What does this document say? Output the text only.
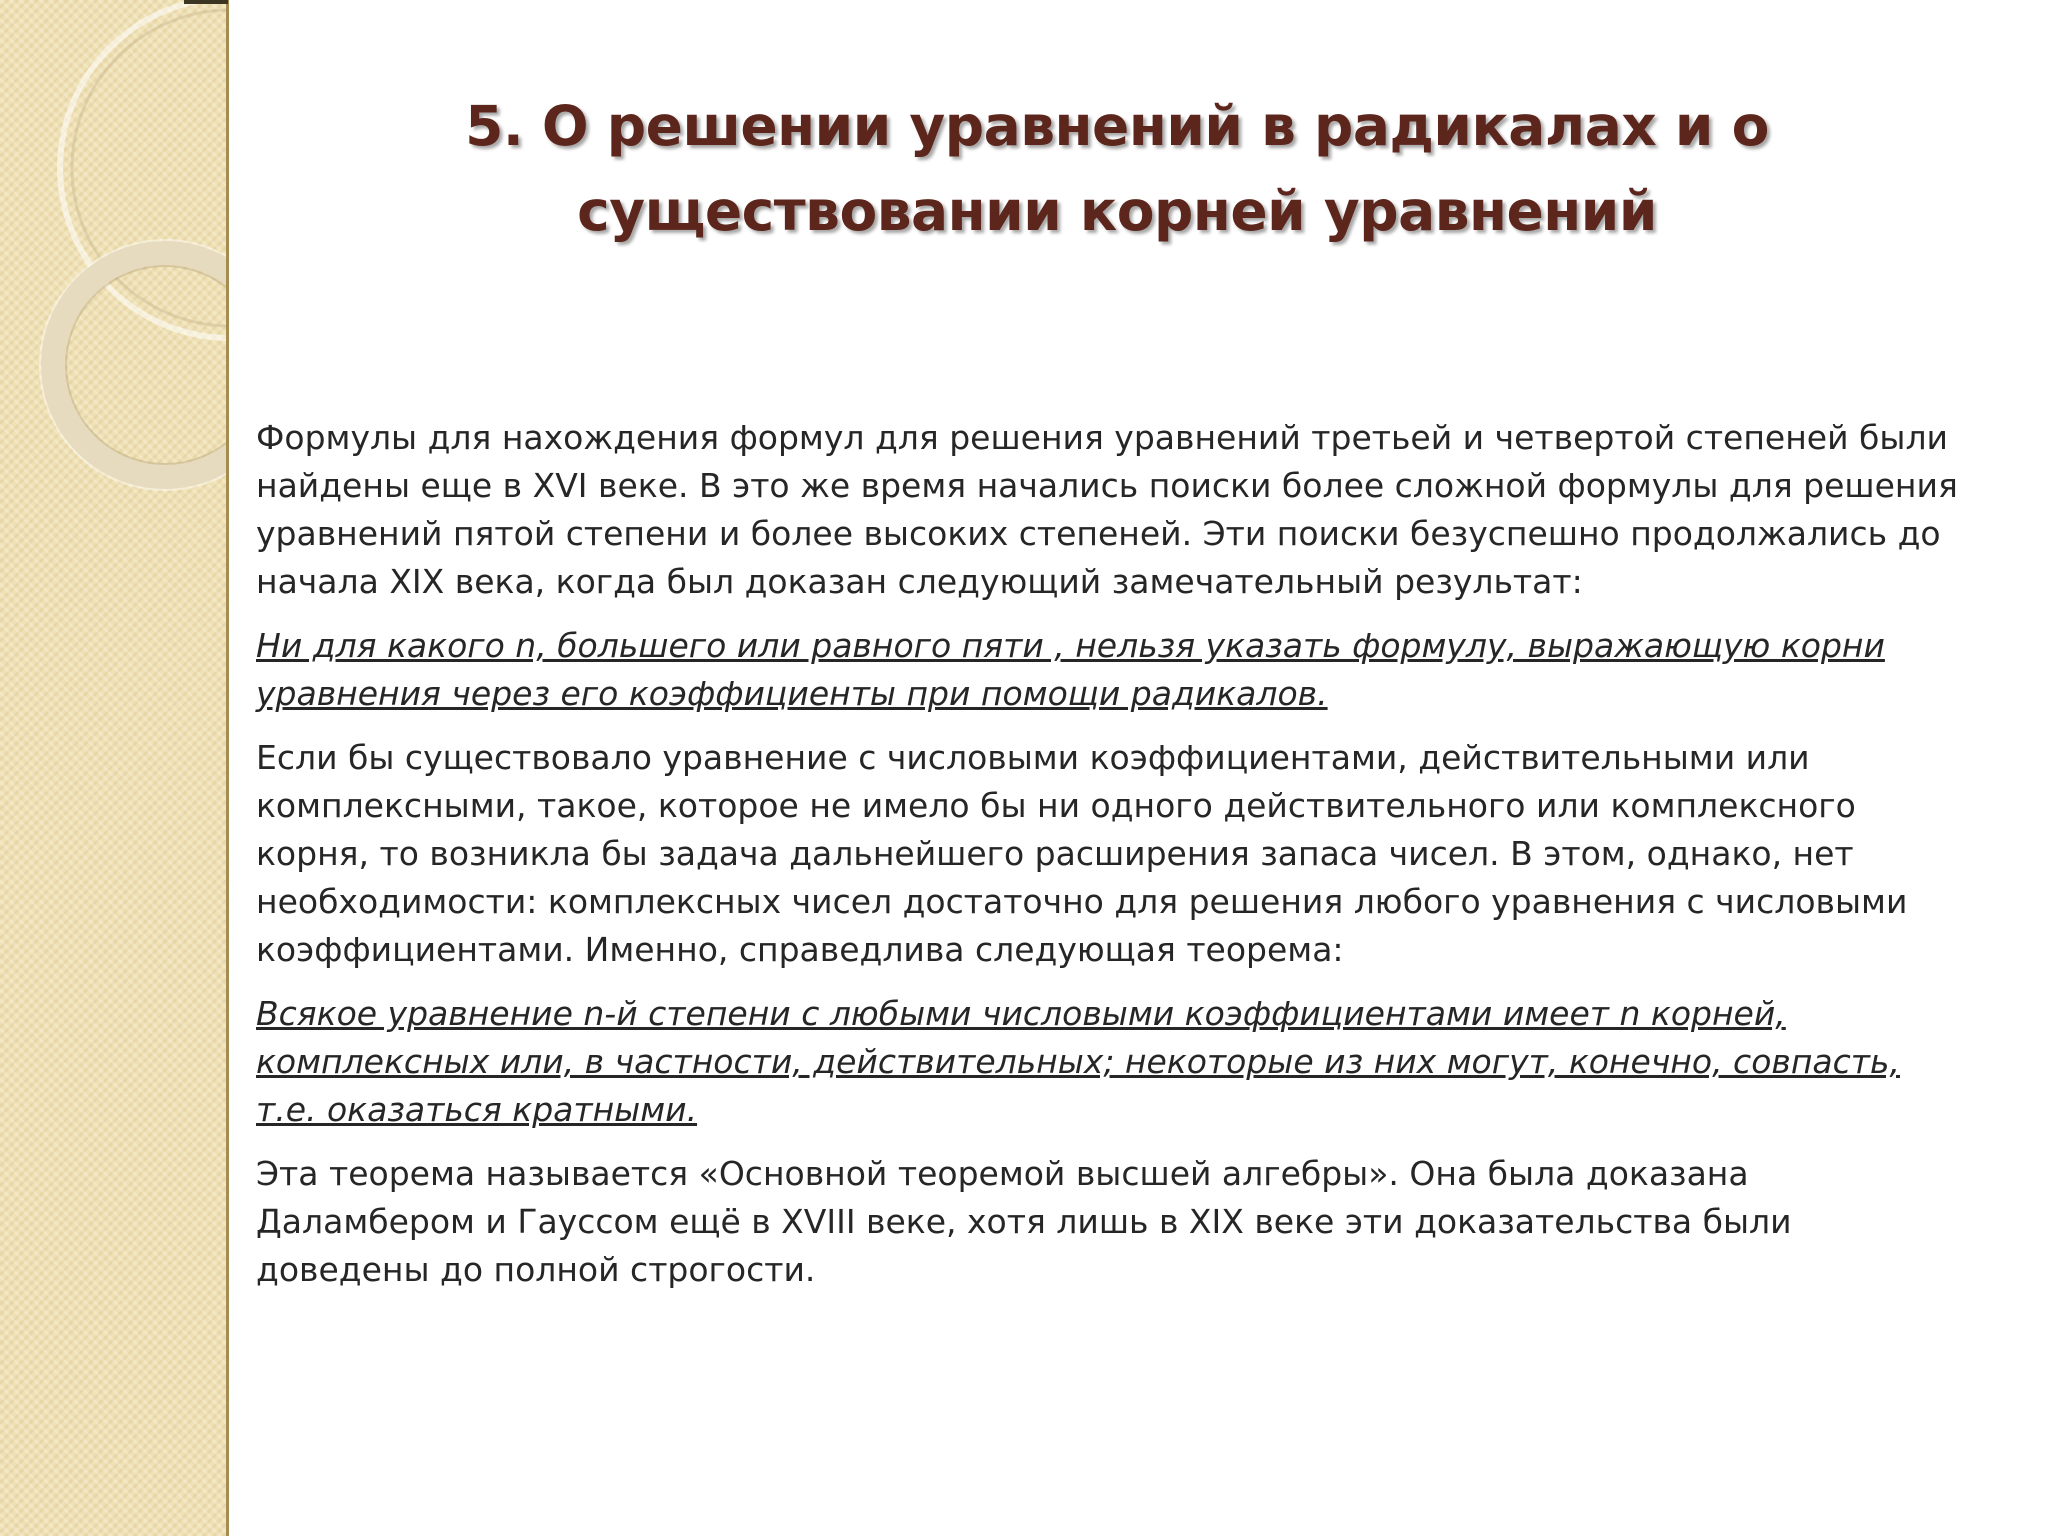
5. О решении уравнений в радикалах и о существовании корней уравнений

Формулы для нахождения формул для решения уравнений третьей и четвертой степеней были найдены еще в XVI веке. В это же время начались поиски более сложной формулы для решения уравнений пятой степени и более высоких степеней. Эти поиски безуспешно продолжались до начала XIX века, когда был доказан следующий замечательный результат:

Ни для какого n, большего или равного пяти , нельзя указать формулу, выражающую корни уравнения через его коэффициенты при помощи радикалов.

Если бы существовало уравнение с числовыми коэффициентами, действительными или комплексными, такое, которое не имело бы ни одного действительного или комплексного корня, то возникла бы задача дальнейшего расширения запаса чисел. В этом, однако, нет необходимости: комплексных чисел достаточно для решения любого уравнения с числовыми коэффициентами. Именно, справедлива следующая теорема:

Всякое уравнение n-й степени с любыми числовыми коэффициентами имеет n корней, комплексных или, в частности, действительных; некоторые из них могут, конечно, совпасть, т.е. оказаться кратными.

Эта теорема называется «Основной теоремой высшей алгебры». Она была доказана Даламбером и Гауссом ещё в XVIII веке, хотя лишь в XIX веке эти доказательства были доведены до полной строгости.
